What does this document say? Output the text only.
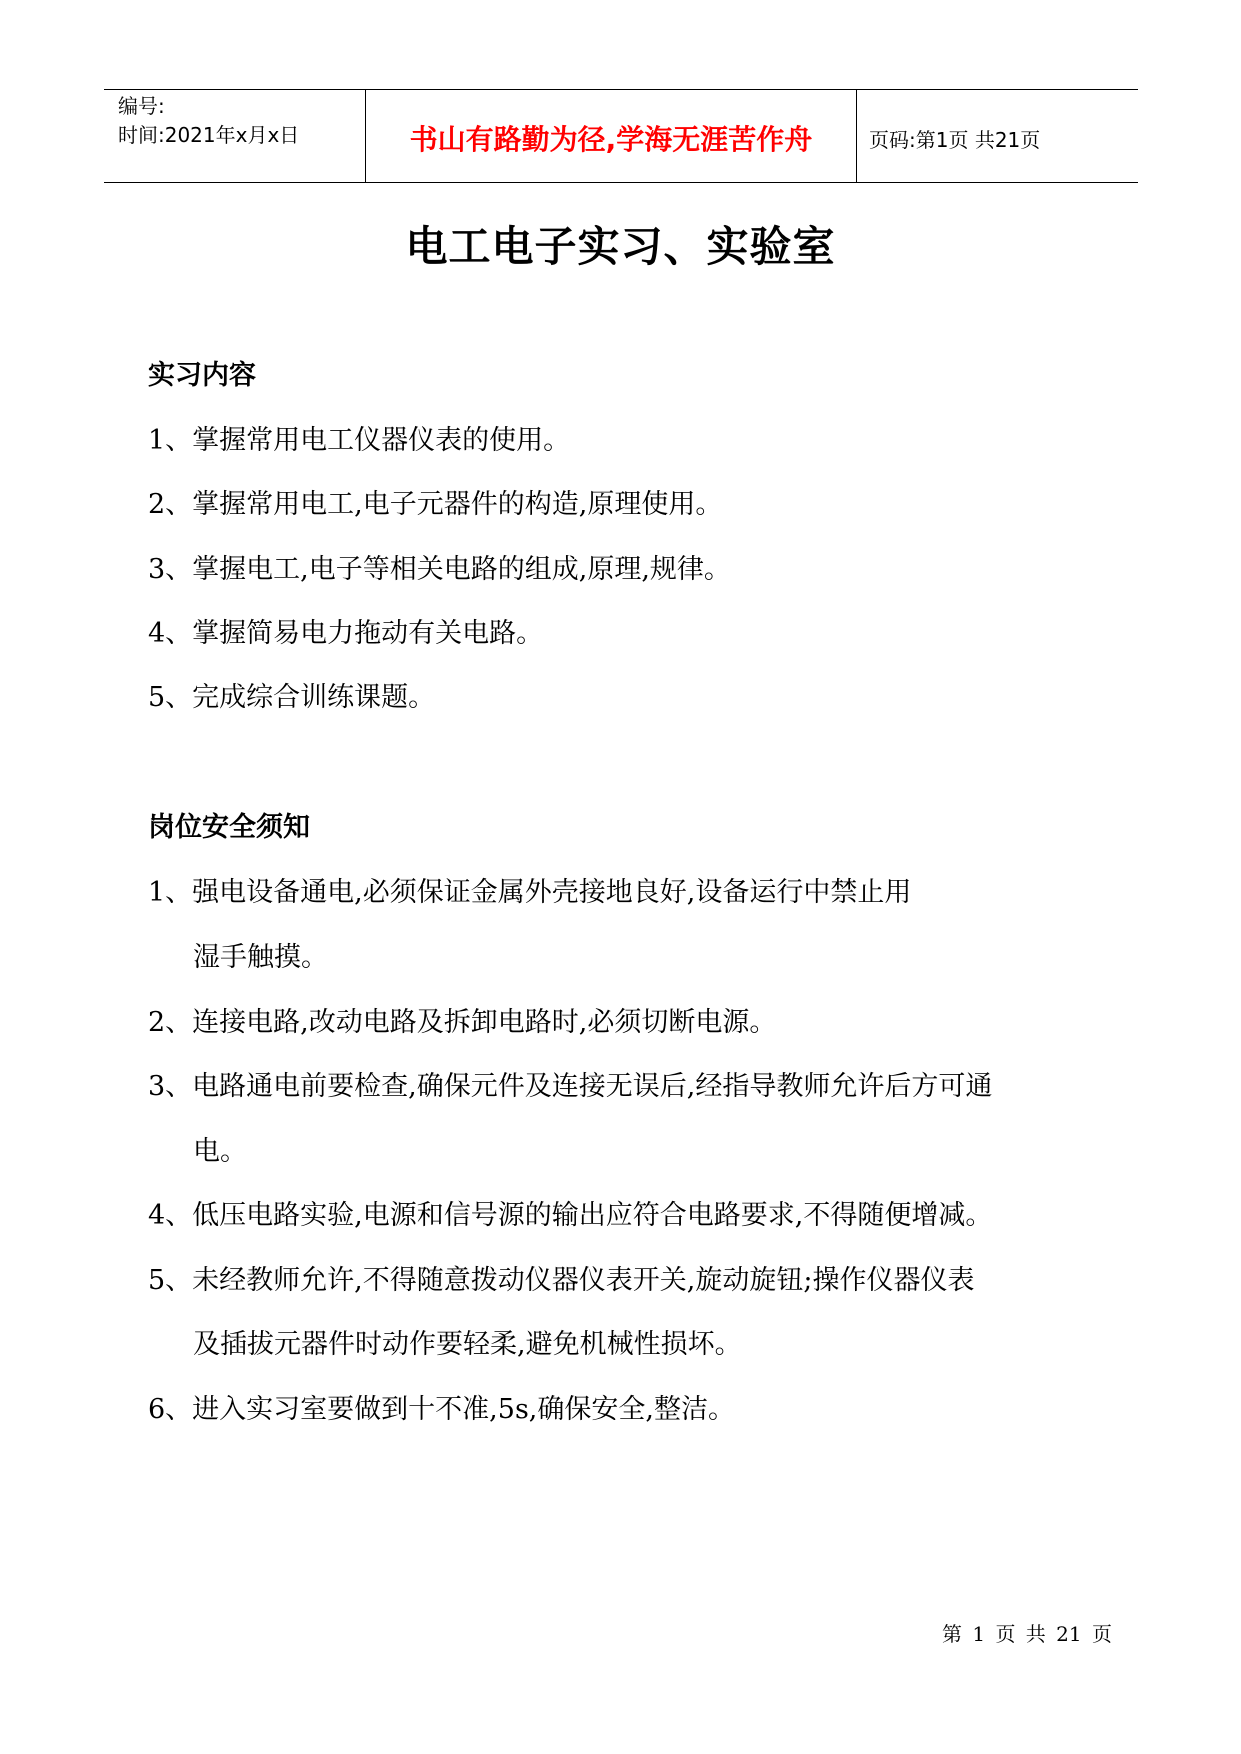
编号:
时间:2021年x月x日	书山有路勤为径,学海无涯苦作舟	页码:第1页 共21页
电工电子实习、实验室
实习内容
1、掌握常用电工仪器仪表的使用。
2、掌握常用电工,电子元器件的构造,原理使用。
3、掌握电工,电子等相关电路的组成,原理,规律。
4、掌握简易电力拖动有关电路。
5、完成综合训练课题。
岗位安全须知
1、强电设备通电,必须保证金属外壳接地良好,设备运行中禁止用
湿手触摸。
2、连接电路,改动电路及拆卸电路时,必须切断电源。
3、电路通电前要检查,确保元件及连接无误后,经指导教师允许后方可通
电。
4、低压电路实验,电源和信号源的输出应符合电路要求,不得随便增减。
5、未经教师允许,不得随意拨动仪器仪表开关,旋动旋钮;操作仪器仪表
及插拔元器件时动作要轻柔,避免机械性损坏。
6、进入实习室要做到十不准,5s,确保安全,整洁。
第 1 页 共 21 页
